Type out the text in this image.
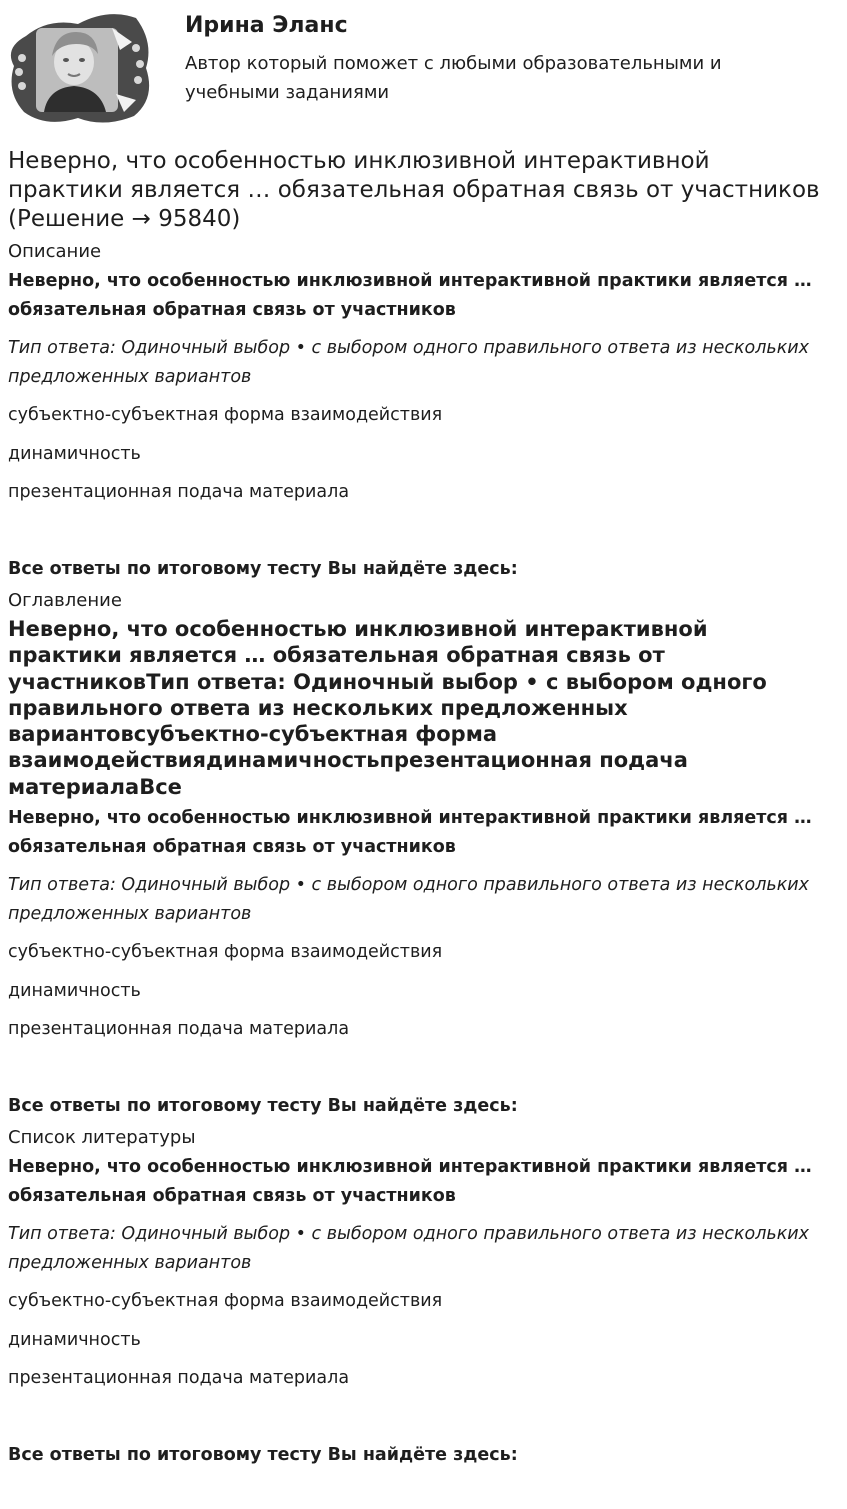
Ирина Эланс

Автор который поможет с любыми образовательными и учебными заданиями

Неверно, что особенностью инклюзивной интерактивной практики является … обязательная обратная связь от участников (Решение → 95840)
Описание

Неверно, что особенностью инклюзивной интерактивной практики является … обязательная обратная связь от участников

Тип ответа: Одиночный выбор • с выбором одного правильного ответа из нескольких предложенных вариантов

субъектно-субъектная форма взаимодействия

динамичность

презентационная подача материала

Все ответы по итоговому тесту Вы найдёте здесь:

Оглавление

Неверно, что особенностью инклюзивной интерактивной практики является … обязательная обратная связь от участниковТип ответа: Одиночный выбор • с выбором одного правильного ответа из нескольких предложенных вариантовсубъектно-субъектная форма взаимодействиядинамичностьпрезентационная подача материалаВсе

Неверно, что особенностью инклюзивной интерактивной практики является … обязательная обратная связь от участников

Тип ответа: Одиночный выбор • с выбором одного правильного ответа из нескольких предложенных вариантов

субъектно-субъектная форма взаимодействия

динамичность

презентационная подача материала

Все ответы по итоговому тесту Вы найдёте здесь:

Список литературы

Неверно, что особенностью инклюзивной интерактивной практики является … обязательная обратная связь от участников

Тип ответа: Одиночный выбор • с выбором одного правильного ответа из нескольких предложенных вариантов

субъектно-субъектная форма взаимодействия

динамичность

презентационная подача материала

Все ответы по итоговому тесту Вы найдёте здесь:
